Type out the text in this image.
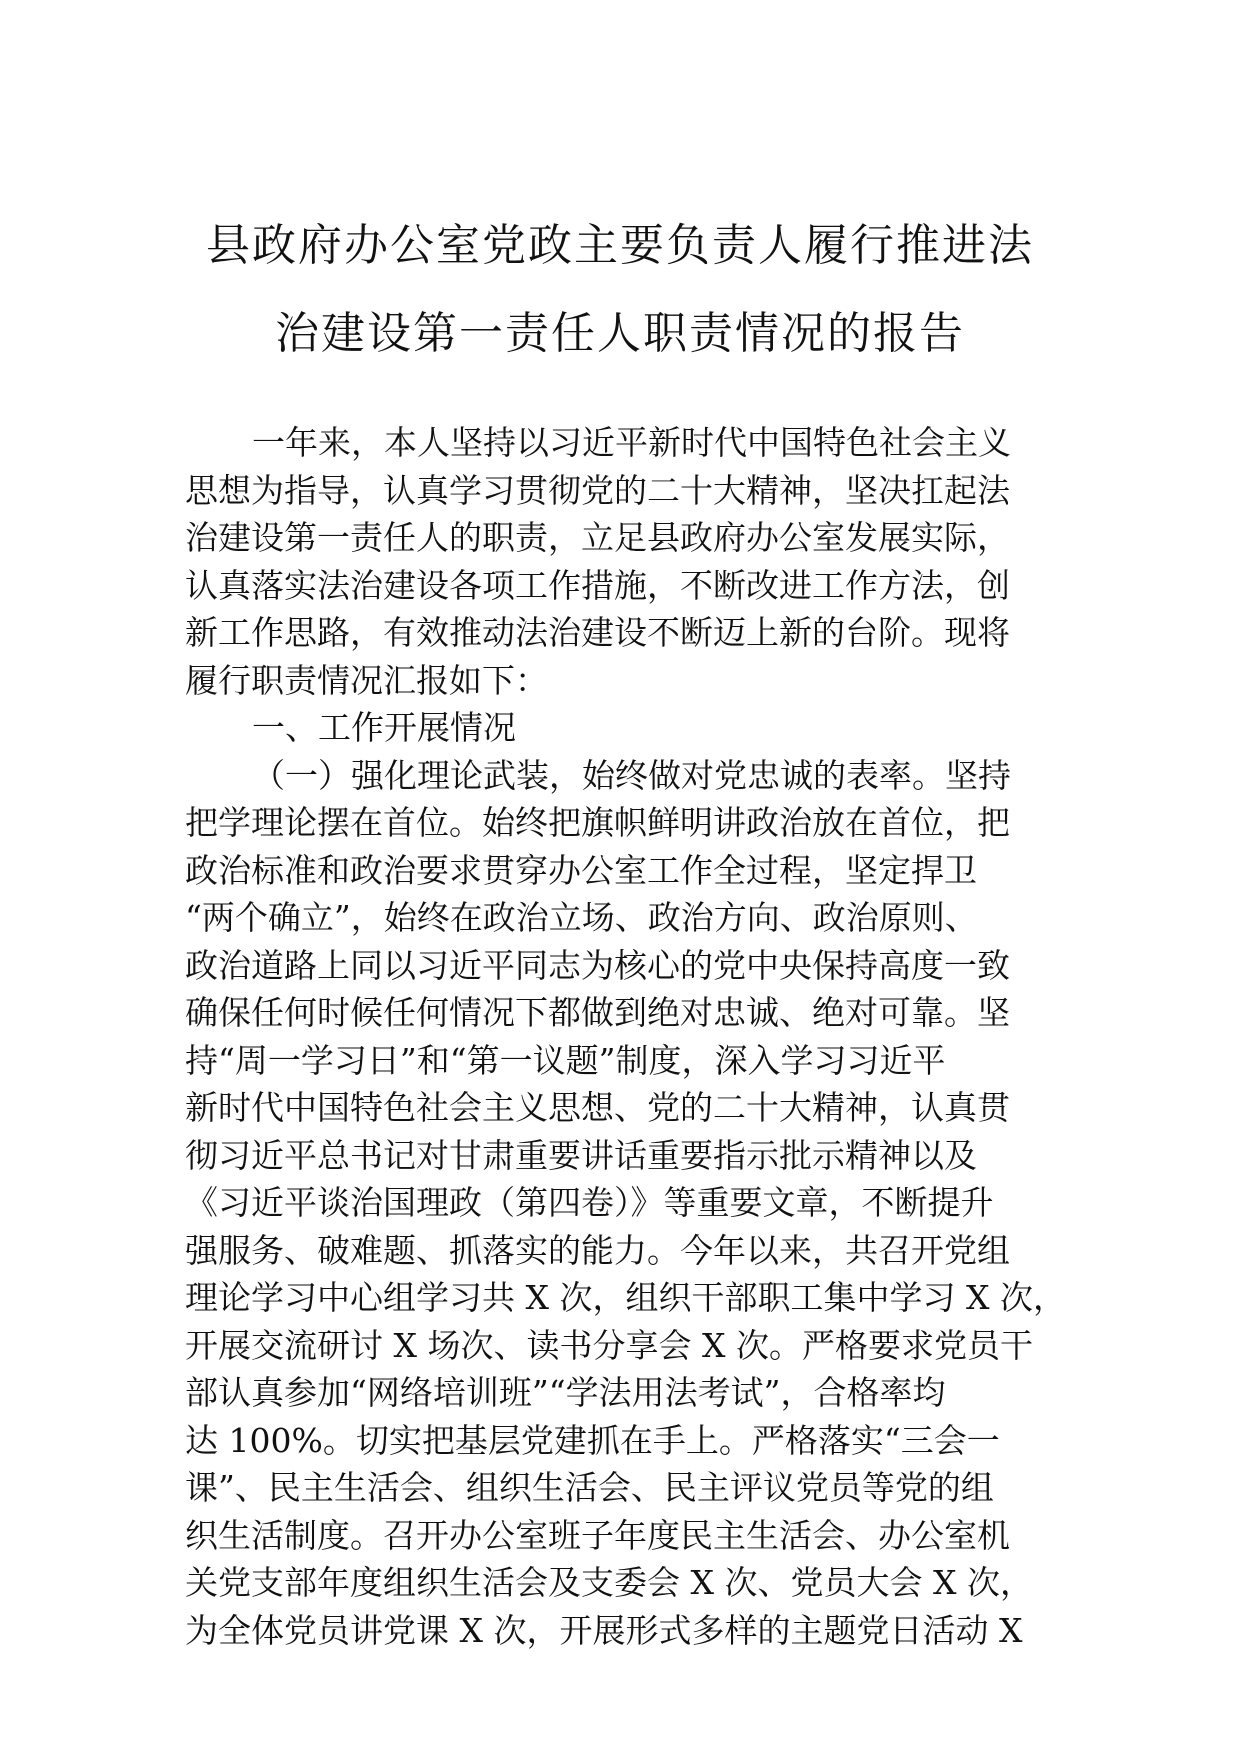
县政府办公室党政主要负责人履行推进法
治建设第一责任人职责情况的报告
一年来，本人坚持以习近平新时代中国特色社会主义
思想为指导，认真学习贯彻党的二十大精神，坚决扛起法
治建设第一责任人的职责，立足县政府办公室发展实际，
认真落实法治建设各项工作措施，不断改进工作方法，创
新工作思路，有效推动法治建设不断迈上新的台阶。现将
履行职责情况汇报如下：
一、工作开展情况
（一）强化理论武装，始终做对党忠诚的表率。坚持
把学理论摆在首位。始终把旗帜鲜明讲政治放在首位，把
政治标准和政治要求贯穿办公室工作全过程，坚定捍卫
“两个确立”，始终在政治立场、政治方向、政治原则、
政治道路上同以习近平同志为核心的党中央保持高度一致
确保任何时候任何情况下都做到绝对忠诚、绝对可靠。坚
持“周一学习日”和“第一议题”制度，深入学习习近平
新时代中国特色社会主义思想、党的二十大精神，认真贯
彻习近平总书记对甘肃重要讲话重要指示批示精神以及
《习近平谈治国理政（第四卷）》等重要文章，不断提升
强服务、破难题、抓落实的能力。今年以来，共召开党组
理论学习中心组学习共 X 次，组织干部职工集中学习 X 次，
开展交流研讨 X 场次、读书分享会 X 次。严格要求党员干
部认真参加“网络培训班”“学法用法考试”，合格率均
达 100%。切实把基层党建抓在手上。严格落实“三会一
课”、民主生活会、组织生活会、民主评议党员等党的组
织生活制度。召开办公室班子年度民主生活会、办公室机
关党支部年度组织生活会及支委会 X 次、党员大会 X 次，
为全体党员讲党课 X 次，开展形式多样的主题党日活动 X
